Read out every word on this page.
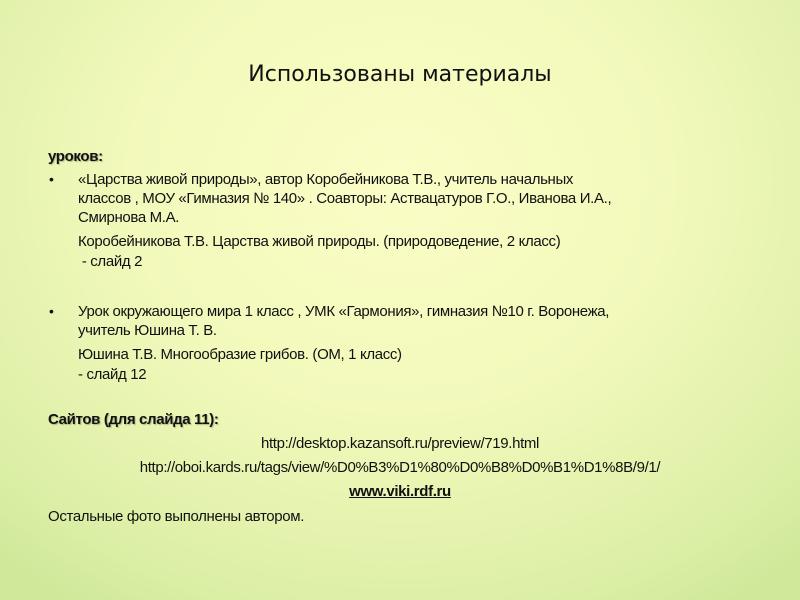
Использованы материалы
уроков:
• «Царства живой природы», автор Коробейникова Т.В., учитель начальных
классов , МОУ «Гимназия № 140» . Соавторы: Аствацатуров Г.О., Иванова И.А.,
Смирнова М.А.
Коробейникова Т.В. Царства живой природы. (природоведение, 2 класс)
- слайд 2
• Урок окружающего мира 1 класс , УМК «Гармония», гимназия №10 г. Воронежа,
учитель Юшина Т. В.
Юшина Т.В. Многообразие грибов. (ОМ, 1 класс)
- слайд 12
Сайтов (для слайда 11):
http://desktop.kazansoft.ru/preview/719.html
http://oboi.kards.ru/tags/view/%D0%B3%D1%80%D0%B8%D0%B1%D1%8B/9/1/
www.viki.rdf.ru
Остальные фото выполнены автором.
